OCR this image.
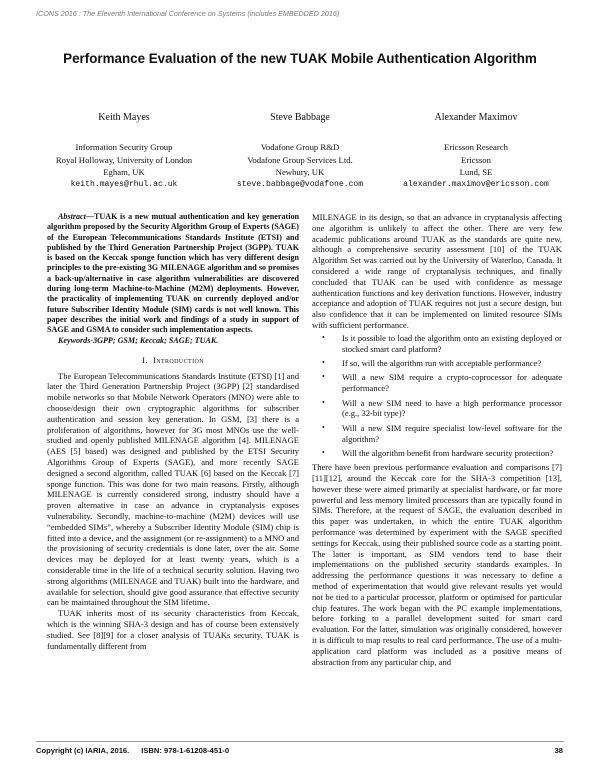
ICONS 2016 : The Eleventh International Conference on Systems (includes EMBEDDED 2016)
Performance Evaluation of the new TUAK Mobile Authentication Algorithm
Keith Mayes
Information Security Group
Royal Holloway, University of London
Egham, UK
keith.mayes@rhul.ac.uk
Steve Babbage
Vodafone Group R&D
Vodafone Group Services Ltd.
Newbury, UK
steve.babbage@vodafone.com
Alexander Maximov
Ericsson Research
Ericsson
Lund, SE
alexander.maximov@ericsson.com

Abstract—TUAK is a new mutual authentication and key generation algorithm proposed by the Security Algorithm Group of Experts (SAGE) of the European Telecommunications Standards Institute (ETSI) and published by the Third Generation Partnership Project (3GPP). TUAK is based on the Keccak sponge function which has very different design principles to the pre-existing 3G MILENAGE algorithm and so promises a back-up/alternative in case algorithm vulnerabilities are discovered during long-term Machine-to-Machine (M2M) deployments. However, the practicality of implementing TUAK on currently deployed and/or future Subscriber Identity Module (SIM) cards is not well known. This paper describes the initial work and findings of a study in support of SAGE and GSMA to consider such implementation aspects.

Keywords-3GPP; GSM; Keccak; SAGE; TUAK.

I. Introduction

The European Telecommunications Standards Institute (ETSI) [1] and later the Third Generation Partnership Project (3GPP) [2] standardised mobile networks so that Mobile Network Operators (MNO) were able to choose/design their own cryptographic algorithms for subscriber authentication and session key generation. In GSM, [3] there is a proliferation of algorithms, however for 3G most MNOs use the well-studied and openly published MILENAGE algorithm [4]. MILENAGE (AES [5] based) was designed and published by the ETSI Security Algorithms Group of Experts (SAGE), and more recently SAGE designed a second algorithm, called TUAK [6] based on the Keccak [7] sponge function. This was done for two main reasons. Firstly, although MILENAGE is currently considered strong, industry should have a proven alternative in case an advance in cryptanalysis exposes vulnerability. Secondly, machine-to-machine (M2M) devices will use “embedded SIMs”, whereby a Subscriber Identity Module (SIM) chip is fitted into a device, and the assignment (or re-assignment) to a MNO and the provisioning of security credentials is done later, over the air. Some devices may be deployed for at least twenty years, which is a considerable time in the life of a technical security solution. Having two strong algorithms (MILENAGE and TUAK) built into the hardware, and available for selection, should give good assurance that effective security can be maintained throughout the SIM lifetime.

TUAK inherits most of its security characteristics from Keccak, which is the winning SHA-3 design and has of course been extensively studied. See [8][9] for a closer analysis of TUAKs security. TUAK is fundamentally different from

MILENAGE in its design, so that an advance in cryptanalysis affecting one algorithm is unlikely to affect the other. There are very few academic publications around TUAK as the standards are quite new, although a comprehensive security assessment [10] of the TUAK Algorithm Set was carried out by the University of Waterloo, Canada. It considered a wide range of cryptanalysis techniques, and finally concluded that TUAK can be used with confidence as message authentication functions and key derivation functions. However, industry acceptance and adoption of TUAK requires not just a secure design, but also confidence that it can be implemented on limited resource SIMs with sufficient performance.

• Is it possible to load the algorithm onto an existing deployed or stocked smart card platform?
• If so, will the algorithm run with acceptable performance?
• Will a new SIM require a crypto-coprocessor for adequate performance?
• Will a new SIM need to have a high performance processor (e.g., 32-bit type)?
• Will a new SIM require specialist low-level software for the algorithm?
• Will the algorithm benefit from hardware security protection?

There have been previous performance evaluation and comparisons [7][11][12], around the Keccak core for the SHA-3 competition [13], however these were aimed primarily at specialist hardware, or far more powerful and less memory limited processors than are typically found in SIMs. Therefore, at the request of SAGE, the evaluation described in this paper was undertaken, in which the entire TUAK algorithm performance was determined by experiment with the SAGE specified settings for Keccak, using their published source code as a starting point. The latter is important, as SIM vendors tend to base their implementations on the published security standards examples. In addressing the performance questions it was necessary to define a method of experimentation that would give relevant results yet would not be tied to a particular processor, platform or optimised for particular chip features. The work began with the PC example implementations, before forking to a parallel development suited for smart card evaluation. For the latter, simulation was originally considered, however it is difficult to map results to real card performance. The use of a multi-application card platform was included as a positive means of abstraction from any particular chip, and

Copyright (c) IARIA, 2016. ISBN: 978-1-61208-451-0	38
